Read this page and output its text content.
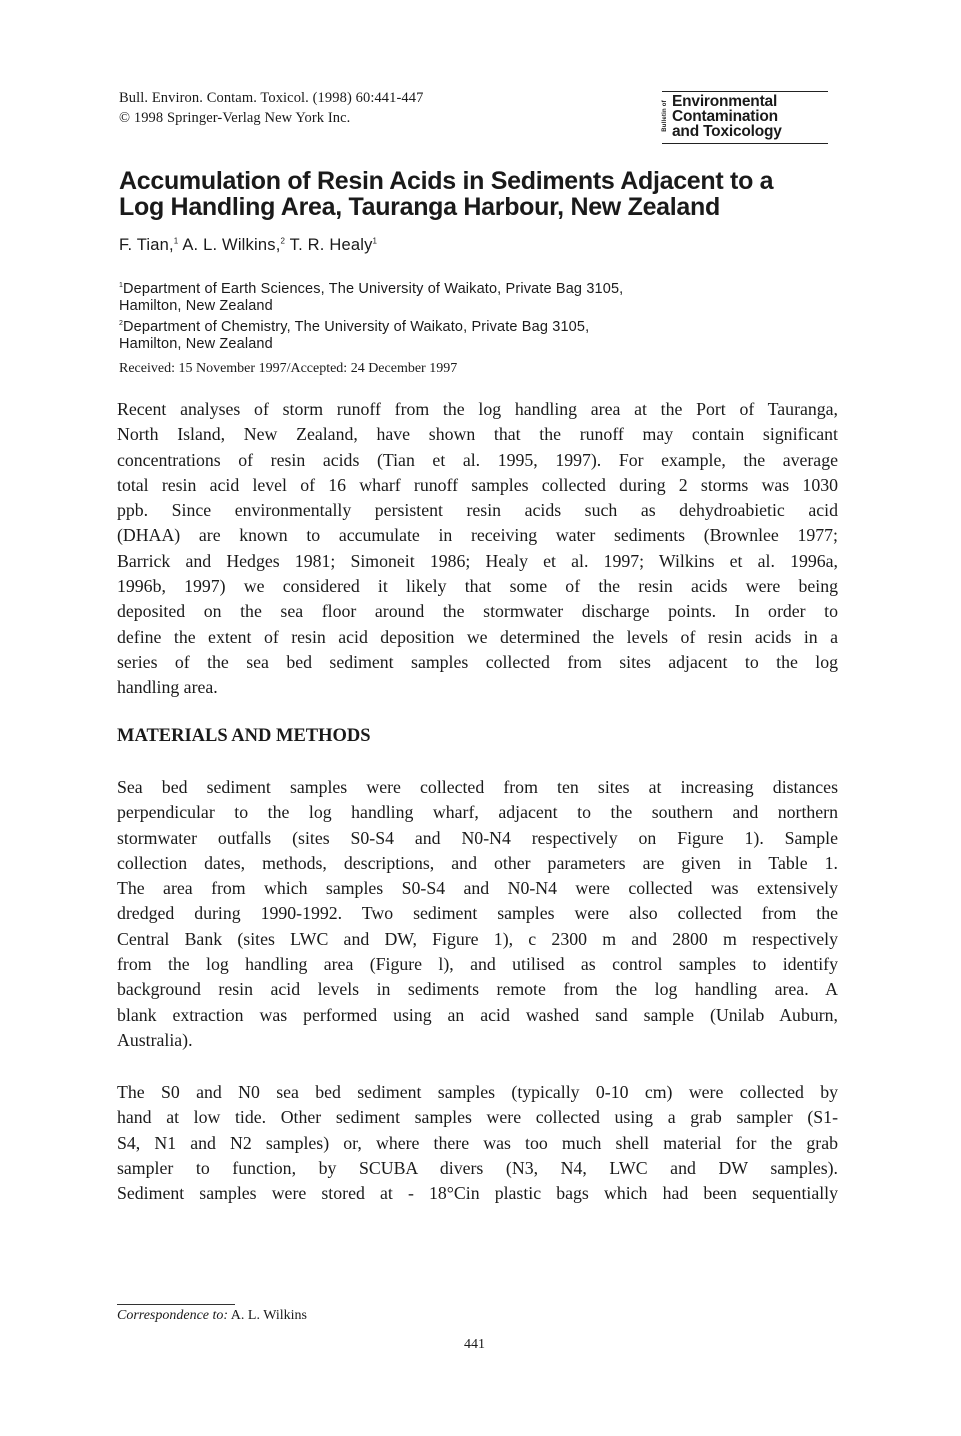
Bull. Environ. Contam. Toxicol. (1998) 60:441-447
© 1998 Springer-Verlag New York Inc.	Bulletin of Environmental
Contamination
and Toxicology
Accumulation of Resin Acids in Sediments Adjacent to a
Log Handling Area, Tauranga Harbour, New Zealand
F. Tian,$^1$ A. L. Wilkins,$^2$ T. R. Healy$^1$
$^1$Department of Earth Sciences, The University of Waikato, Private Bag 3105,
Hamilton, New Zealand
$^2$Department of Chemistry, The University of Waikato, Private Bag 3105,
Hamilton, New Zealand
Received: 15 November 1997/Accepted: 24 December 1997
Recent analyses of storm runoff from the log handling area at the Port of Tauranga,
North Island, New Zealand, have shown that the runoff may contain significant
concentrations of resin acids (Tian et al. 1995, 1997). For example, the average
total resin acid level of 16 wharf runoff samples collected during 2 storms was 1030
ppb. Since environmentally persistent resin acids such as dehydroabietic acid
(DHAA) are known to accumulate in receiving water sediments (Brownlee 1977;
Barrick and Hedges 1981; Simoneit 1986; Healy et al. 1997; Wilkins et al. 1996a,
1996b, 1997) we considered it likely that some of the resin acids were being
deposited on the sea floor around the stormwater discharge points. In order to
define the extent of resin acid deposition we determined the levels of resin acids in a
series of the sea bed sediment samples collected from sites adjacent to the log
handling area.
MATERIALS AND METHODS
Sea bed sediment samples were collected from ten sites at increasing distances
perpendicular to the log handling wharf, adjacent to the southern and northern
stormwater outfalls (sites S0-S4 and N0-N4 respectively on Figure 1). Sample
collection dates, methods, descriptions, and other parameters are given in Table 1.
The area from which samples S0-S4 and N0-N4 were collected was extensively
dredged during 1990-1992. Two sediment samples were also collected from the
Central Bank (sites LWC and DW, Figure 1), c 2300 m and 2800 m respectively
from the log handling area (Figure l), and utilised as control samples to identify
background resin acid levels in sediments remote from the log handling area. A
blank extraction was performed using an acid washed sand sample (Unilab Auburn,
Australia).
The S0 and N0 sea bed sediment samples (typically 0-10 cm) were collected by
hand at low tide. Other sediment samples were collected using a grab sampler (S1-
S4, N1 and N2 samples) or, where there was too much shell material for the grab
sampler to function, by SCUBA divers (N3, N4, LWC and DW samples).
Sediment samples were stored at - 18°Cin plastic bags which had been sequentially
Correspondence to: A. L. Wilkins
441
